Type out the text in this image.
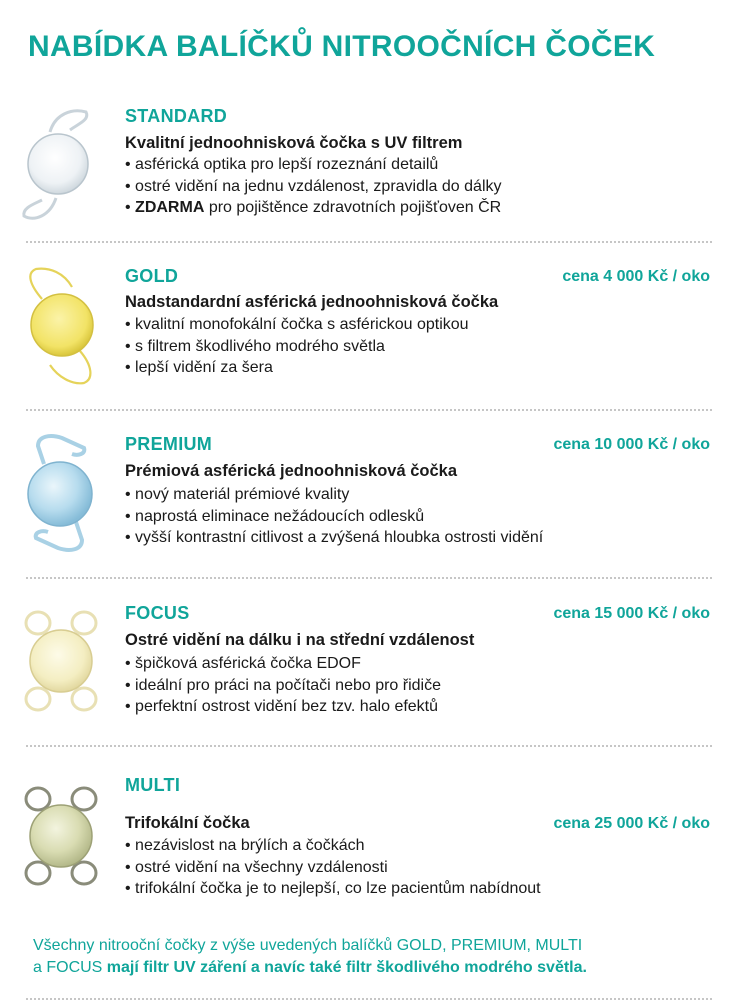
NABÍDKA BALÍČKŮ NITROOČNÍCH ČOČEK
STANDARD
Kvalitní jednoohnisková čočka s UV filtrem
• asférická optika pro lepší rozeznání detailů
• ostré vidění na jednu vzdálenost, zpravidla do dálky
• ZDARMA pro pojištěnce zdravotních pojišťoven ČR
GOLD	cena 4 000 Kč / oko
Nadstandardní asférická jednoohnisková čočka
• kvalitní monofokální čočka s asférickou optikou
• s filtrem škodlivého modrého světla
• lepší vidění za šera
PREMIUM	cena 10 000 Kč / oko
Prémiová asférická jednoohnisková čočka
• nový materiál prémiové kvality
• naprostá eliminace nežádoucích odlesků
• vyšší kontrastní citlivost a zvýšená hloubka ostrosti vidění
FOCUS	cena 15 000 Kč / oko
Ostré vidění na dálku i na střední vzdálenost
• špičková asférická čočka EDOF
• ideální pro práci na počítači nebo pro řidiče
• perfektní ostrost vidění bez tzv. halo efektů
MULTI
Trifokální čočka	cena 25 000 Kč / oko
• nezávislost na brýlích a čočkách
• ostré vidění na všechny vzdálenosti
• trifokální čočka je to nejlepší, co lze pacientům nabídnout
Všechny nitrooční čočky z výše uvedených balíčků GOLD, PREMIUM, MULTI
a FOCUS mají filtr UV záření a navíc také filtr škodlivého modrého světla.
